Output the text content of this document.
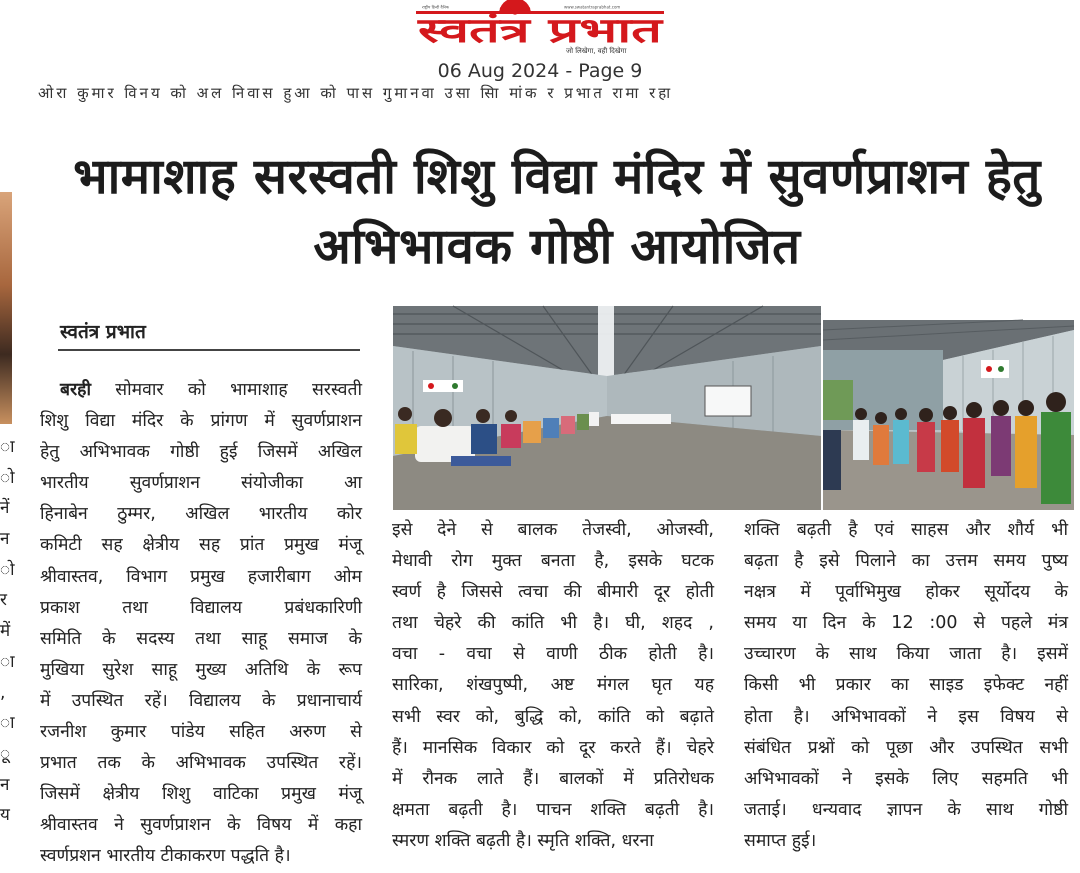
राष्ट्रीय हिन्दी दैनिक	www.swatantraprabhat.com
स्वतंत्र प्रभात
जो लिखेगा, वही दिखेगा
06 Aug 2024 - Page 9
ओरा कुमार विनय को अल निवास हुआ को पास गुमानवा उसा सिा मांक र प्रभात रामा रहा
भामाशाह सरस्वती शिशु विद्या मंदिर में सुवर्णप्राशन हेतु
अभिभावक गोष्ठी आयोजित
ा
ो
नें
न
ो
र
में
ा
,
ा
ूू
न
य
स्वतंत्र प्रभात
बरही सोमवार को भामाशाह सरस्वती
शिशु विद्या मंदिर के प्रांगण में सुवर्णप्राशन
हेतु अभिभावक गोष्ठी हुई जिसमें अखिल
भारतीय सुवर्णप्राशन संयोजीका आ
हिनाबेन ठुम्मर, अखिल भारतीय कोर
कमिटी सह क्षेत्रीय सह प्रांत प्रमुख मंजू
श्रीवास्तव, विभाग प्रमुख हजारीबाग ओम
प्रकाश तथा विद्यालय प्रबंधकारिणी
समिति के सदस्य तथा साहू समाज के
मुखिया सुरेश साहू मुख्य अतिथि के रूप
में उपस्थित रहें। विद्यालय के प्रधानाचार्य
रजनीश कुमार पांडेय सहित अरुण से
प्रभात तक के अभिभावक उपस्थित रहें।
जिसमें क्षेत्रीय शिशु वाटिका प्रमुख मंजू
श्रीवास्तव ने सुवर्णप्राशन के विषय में कहा
स्वर्णप्रशन भारतीय टीकाकरण पद्धति है।
इसे देने से बालक तेजस्वी, ओजस्वी,
मेधावी रोग मुक्त बनता है, इसके घटक
स्वर्ण है जिससे त्वचा की बीमारी दूर होती
तथा चेहरे की कांति भी है। घी, शहद ,
वचा - वचा से वाणी ठीक होती है।
सारिका, शंखपुष्पी, अष्ट मंगल घृत यह
सभी स्वर को, बुद्धि को, कांति को बढ़ाते
हैं। मानसिक विकार को दूर करते हैं। चेहरे
में रौनक लाते हैं। बालकों में प्रतिरोधक
क्षमता बढ़ती है। पाचन शक्ति बढ़ती है।
स्मरण शक्ति बढ़ती है। स्मृति शक्ति, धरना
शक्ति बढ़ती है एवं साहस और शौर्य भी
बढ़ता है इसे पिलाने का उत्तम समय पुष्य
नक्षत्र में पूर्वाभिमुख होकर सूर्योदय के
समय या दिन के 12 :00 से पहले मंत्र
उच्चारण के साथ किया जाता है। इसमें
किसी भी प्रकार का साइड इफेक्ट नहीं
होता है। अभिभावकों ने इस विषय से
संबंधित प्रश्नों को पूछा और उपस्थित सभी
अभिभावकों ने इसके लिए सहमति भी
जताई। धन्यवाद ज्ञापन के साथ गोष्ठी
समाप्त हुई।
